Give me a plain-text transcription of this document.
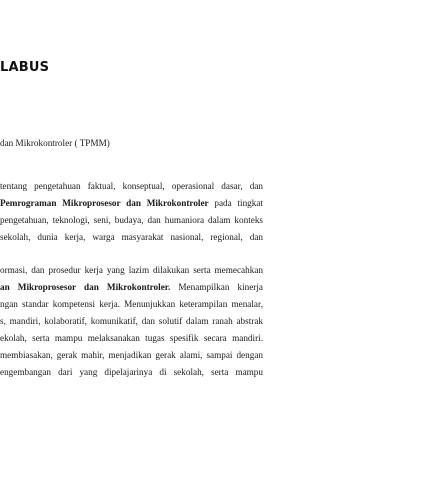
LABUS
dan Mikrokontroler ( TPMM)
tentang pengetahuan faktual, konseptual, operasional dasar, dan
Pemrograman Mikroprosesor dan Mikrokontroler pada tingkat
pengetahuan, teknologi, seni, budaya, dan humaniora dalam konteks
sekolah, dunia kerja, warga masyarakat nasional, regional, dan
ormasi, dan prosedur kerja yang lazim dilakukan serta memecahkan
an Mikroprosesor dan Mikrokontroler. Menampilkan kinerja
ngan standar kompetensi kerja. Menunjukkan keterampilan menalar,
s, mandiri, kolaboratif, komunikatif, dan solutif dalam ranah abstrak
ekolah, serta mampu melaksanakan tugas spesifik secara mandiri.
membiasakan, gerak mahir, menjadikan gerak alami, sampai dengan
engembangan dari yang dipelajarinya di sekolah, serta mampu
